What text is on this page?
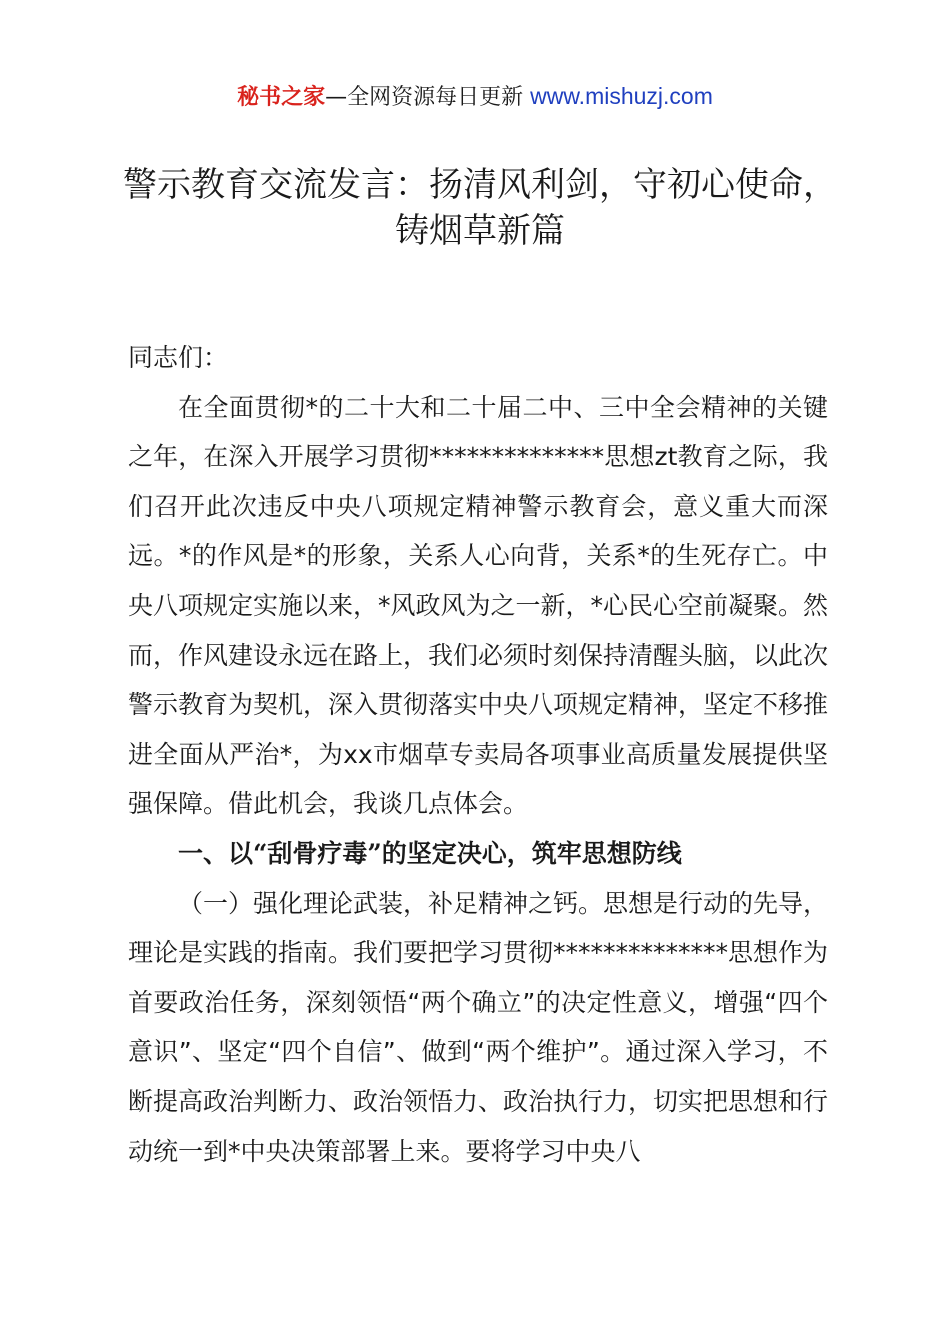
秘书之家—全网资源每日更新 www.mishuzj.com
警示教育交流发言：扬清风利剑，守初心使命，
铸烟草新篇

同志们：

在全面贯彻*的二十大和二十届二中、三中全会精神的关键之年，在深入开展学习贯彻**************思想zt教育之际，我们召开此次违反中央八项规定精神警示教育会，意义重大而深远。*的作风是*的形象，关系人心向背，关系*的生死存亡。中央八项规定实施以来，*风政风为之一新，*心民心空前凝聚。然而，作风建设永远在路上，我们必须时刻保持清醒头脑，以此次警示教育为契机，深入贯彻落实中央八项规定精神，坚定不移推进全面从严治*，为xx市烟草专卖局各项事业高质量发展提供坚强保障。借此机会，我谈几点体会。

一、以“刮骨疗毒”的坚定决心，筑牢思想防线

（一）强化理论武装，补足精神之钙。思想是行动的先导，理论是实践的指南。我们要把学习贯彻**************思想作为首要政治任务，深刻领悟“两个确立”的决定性意义，增强“四个意识”、坚定“四个自信”、做到“两个维护”。通过深入学习，不断提高政治判断力、政治领悟力、政治执行力，切实把思想和行动统一到*中央决策部署上来。要将学习中央八
